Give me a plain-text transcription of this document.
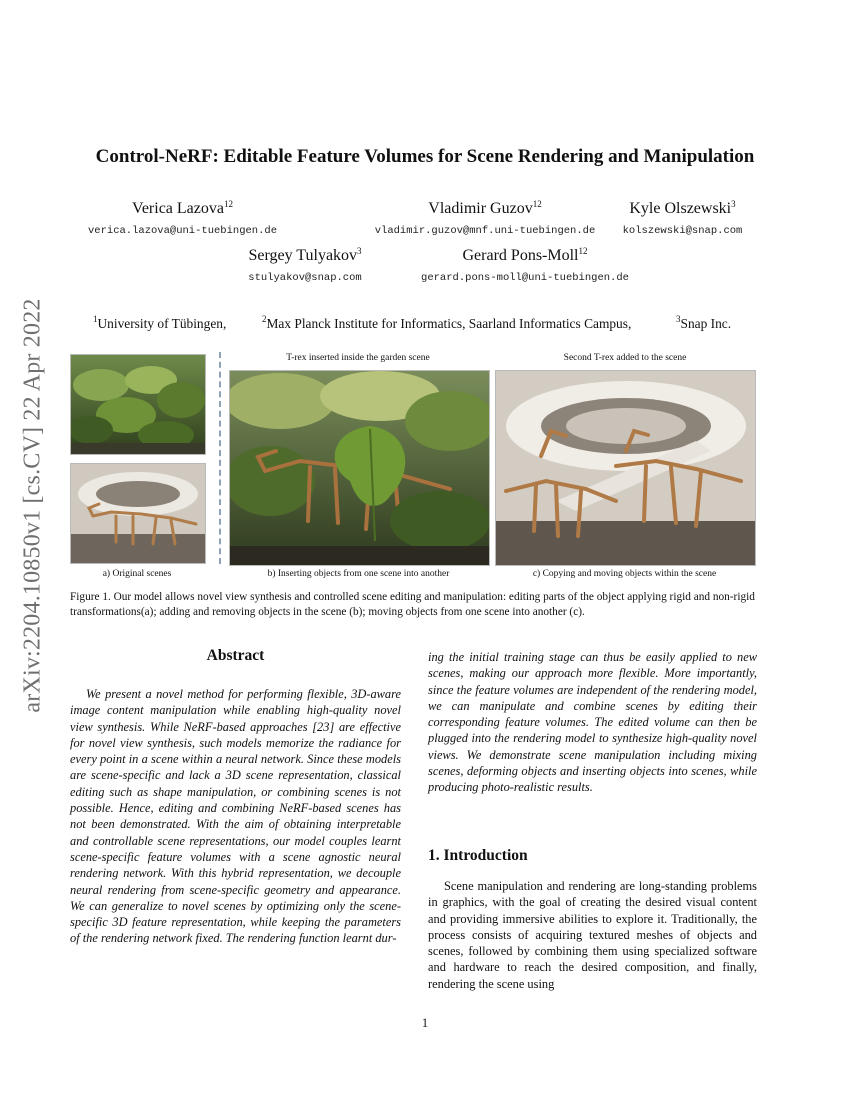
arXiv:2204.10850v1 [cs.CV] 22 Apr 2022
Control-NeRF: Editable Feature Volumes for Scene Rendering and Manipulation
Verica Lazova$^{12}$
verica.lazova@uni-tuebingen.de
Vladimir Guzov$^{12}$
vladimir.guzov@mnf.uni-tuebingen.de
Kyle Olszewski$^3$
kolszewski@snap.com
Sergey Tulyakov$^3$
stulyakov@snap.com
Gerard Pons-Moll$^{12}$
gerard.pons-moll@uni-tuebingen.de
$^1$University of Tübingen,	$^2$Max Planck Institute for Informatics, Saarland Informatics Campus,	$^3$Snap Inc.
T-rex inserted inside the garden scene	Second T-rex added to the scene
a) Original scenes	b) Inserting objects from one scene into another	c) Copying and moving objects within the scene
Figure 1. Our model allows novel view synthesis and controlled scene editing and manipulation: editing parts of the object applying rigid and non-rigid transformations(a); adding and removing objects in the scene (b); moving objects from one scene into another (c).
Abstract
We present a novel method for performing flexible, 3D-aware image content manipulation while enabling high-quality novel view synthesis. While NeRF-based approaches [23] are effective for novel view synthesis, such models memorize the radiance for every point in a scene within a neural network. Since these models are scene-specific and lack a 3D scene representation, classical editing such as shape manipulation, or combining scenes is not possible. Hence, editing and combining NeRF-based scenes has not been demonstrated. With the aim of obtaining interpretable and controllable scene representations, our model couples learnt scene-specific feature volumes with a scene agnostic neural rendering network. With this hybrid representation, we decouple neural rendering from scene-specific geometry and appearance. We can generalize to novel scenes by optimizing only the scene-specific 3D feature representation, while keeping the parameters of the rendering network fixed. The rendering function learnt dur-
ing the initial training stage can thus be easily applied to new scenes, making our approach more flexible. More importantly, since the feature volumes are independent of the rendering model, we can manipulate and combine scenes by editing their corresponding feature volumes. The edited volume can then be plugged into the rendering model to synthesize high-quality novel views. We demonstrate scene manipulation including mixing scenes, deforming objects and inserting objects into scenes, while producing photo-realistic results.
1. Introduction
Scene manipulation and rendering are long-standing problems in graphics, with the goal of creating the desired visual content and providing immersive abilities to explore it. Traditionally, the process consists of acquiring textured meshes of objects and scenes, followed by combining them using specialized software and hardware to reach the desired composition, and finally, rendering the scene using
1
